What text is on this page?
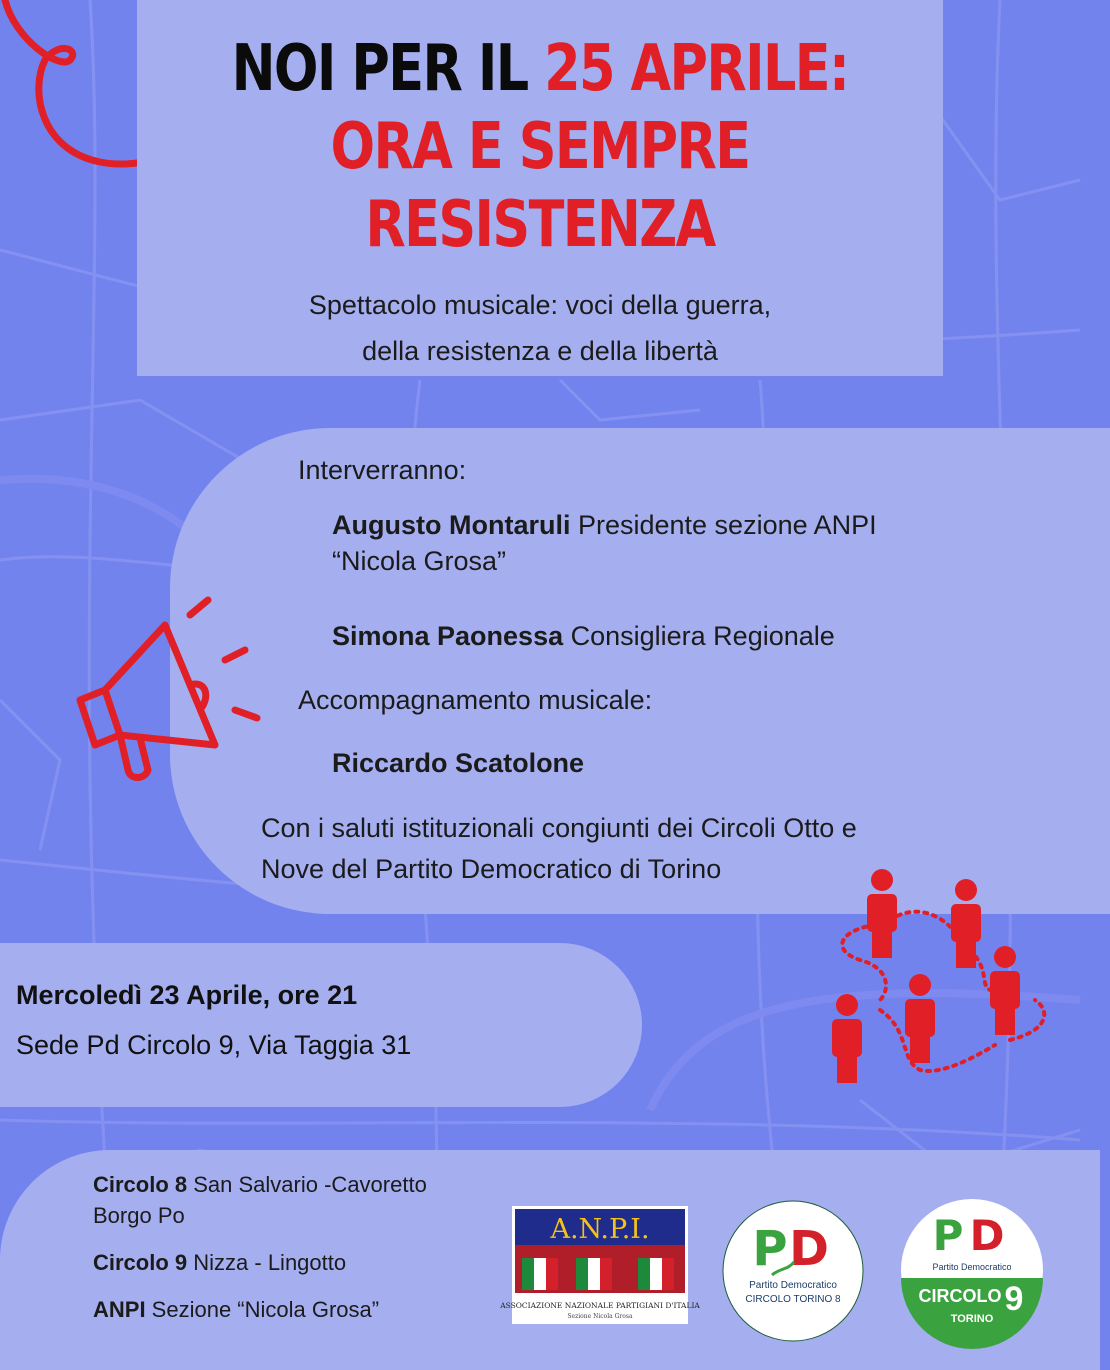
NOI PER IL 25 APRILE:
ORA E SEMPRE
RESISTENZA
Spettacolo musicale: voci della guerra,
della resistenza e della libertà
Interverranno:
Augusto Montaruli Presidente sezione ANPI
“Nicola Grosa”
Simona Paonessa Consigliera Regionale
Accompagnamento musicale:
Riccardo Scatolone
Con i saluti istituzionali congiunti dei Circoli Otto e
Nove del Partito Democratico di Torino
Mercoledì 23 Aprile, ore 21
Sede Pd Circolo 9, Via Taggia 31
Circolo 8 San Salvario -Cavoretto
Borgo Po
Circolo 9 Nizza - Lingotto
ANPI Sezione “Nicola Grosa”
A.N.P.I.
ASSOCIAZIONE NAZIONALE PARTIGIANI D'ITALIA
Sezione Nicola Grosa
P D
Partito Democratico
CIRCOLO TORINO 8
P D
Partito Democratico
CIRCOLO 9
TORINO
